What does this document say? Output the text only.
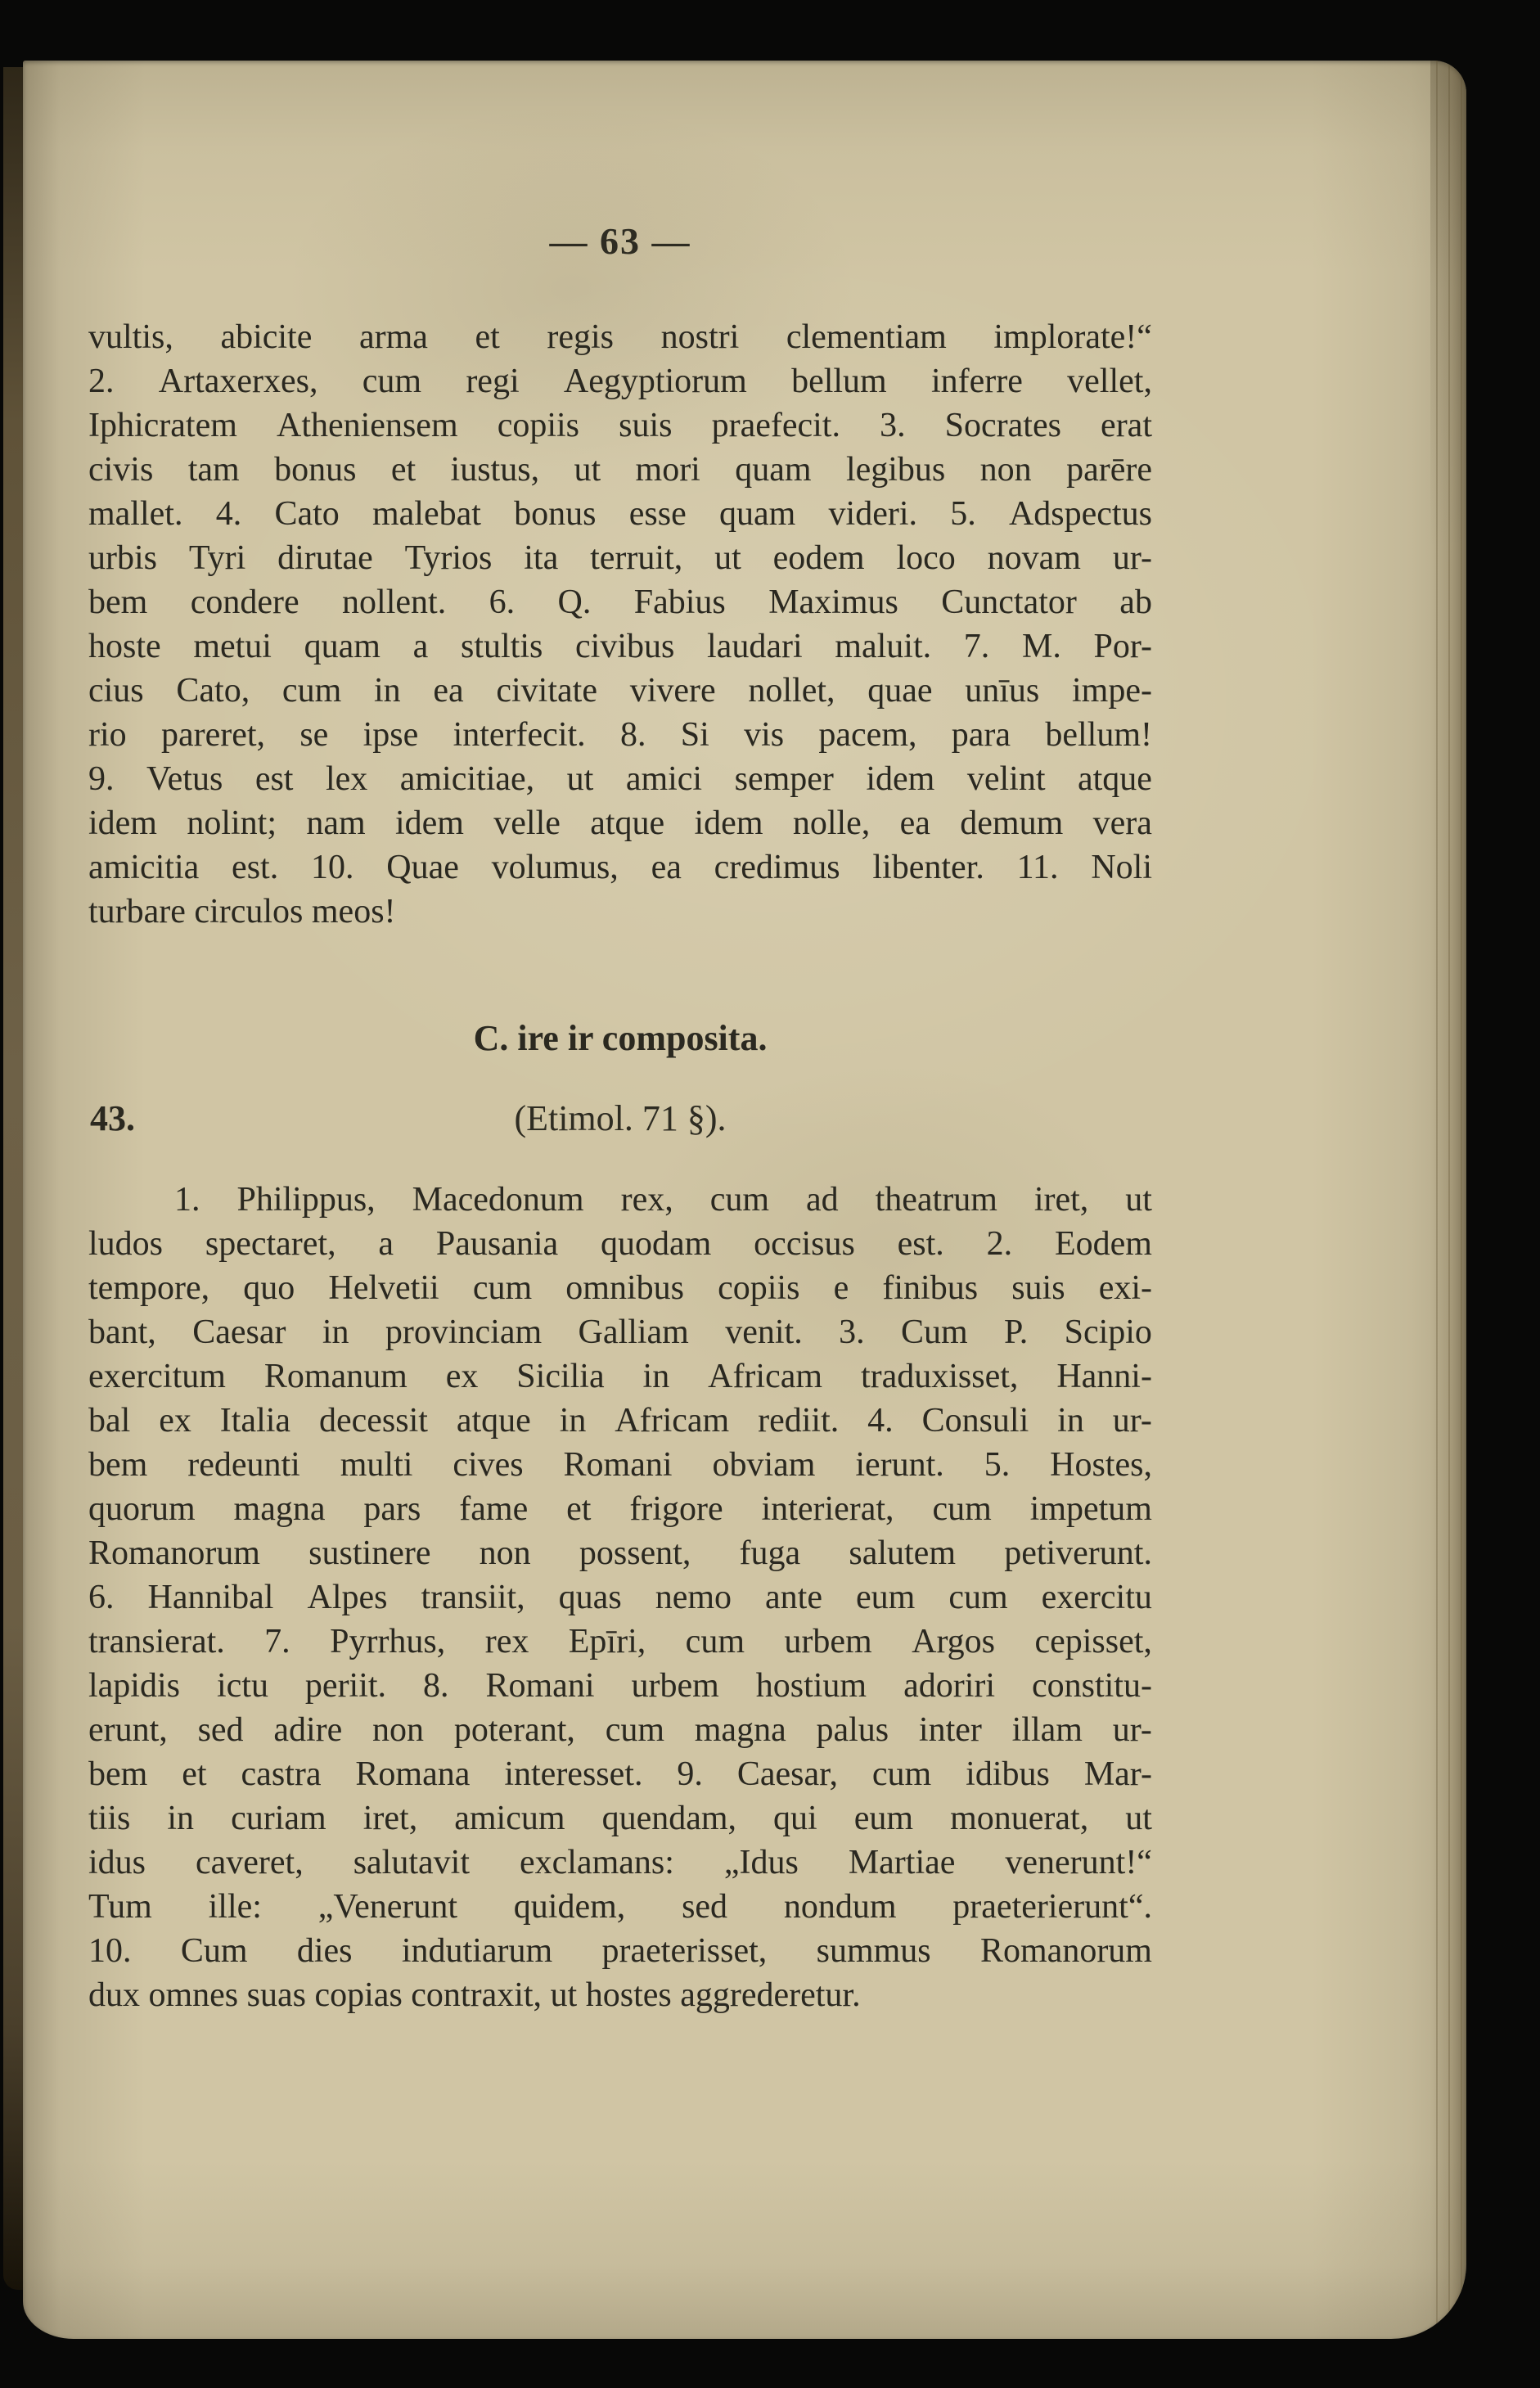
— 63 —
vultis, abicite arma et regis nostri clementiam implorate!“
2. Artaxerxes, cum regi Aegyptiorum bellum inferre vellet,
Iphicratem Atheniensem copiis suis praefecit. 3. Socrates erat
civis tam bonus et iustus, ut mori quam legibus non parēre
mallet. 4. Cato malebat bonus esse quam videri. 5. Adspectus
urbis Tyri dirutae Tyrios ita terruit, ut eodem loco novam ur-
bem condere nollent. 6. Q. Fabius Maximus Cunctator ab
hoste metui quam a stultis civibus laudari maluit. 7. M. Por-
cius Cato, cum in ea civitate vivere nollet, quae unīus impe-
rio pareret, se ipse interfecit. 8. Si vis pacem, para bellum!
9. Vetus est lex amicitiae, ut amici semper idem velint atque
idem nolint; nam idem velle atque idem nolle, ea demum vera
amicitia est. 10. Quae volumus, ea credimus libenter. 11. Noli
turbare circulos meos!
C. ire ir composita.
(Etimol. 71 §).
43.
1. Philippus, Macedonum rex, cum ad theatrum iret, ut
ludos spectaret, a Pausania quodam occisus est. 2. Eodem
tempore, quo Helvetii cum omnibus copiis e finibus suis exi-
bant, Caesar in provinciam Galliam venit. 3. Cum P. Scipio
exercitum Romanum ex Sicilia in Africam traduxisset, Hanni-
bal ex Italia decessit atque in Africam rediit. 4. Consuli in ur-
bem redeunti multi cives Romani obviam ierunt. 5. Hostes,
quorum magna pars fame et frigore interierat, cum impetum
Romanorum sustinere non possent, fuga salutem petiverunt.
6. Hannibal Alpes transiit, quas nemo ante eum cum exercitu
transierat. 7. Pyrrhus, rex Epīri, cum urbem Argos cepisset,
lapidis ictu periit. 8. Romani urbem hostium adoriri constitu-
erunt, sed adire non poterant, cum magna palus inter illam ur-
bem et castra Romana interesset. 9. Caesar, cum idibus Mar-
tiis in curiam iret, amicum quendam, qui eum monuerat, ut
idus caveret, salutavit exclamans: „Idus Martiae venerunt!“
Tum ille: „Venerunt quidem, sed nondum praeterierunt“.
10. Cum dies indutiarum praeterisset, summus Romanorum
dux omnes suas copias contraxit, ut hostes aggrederetur.
